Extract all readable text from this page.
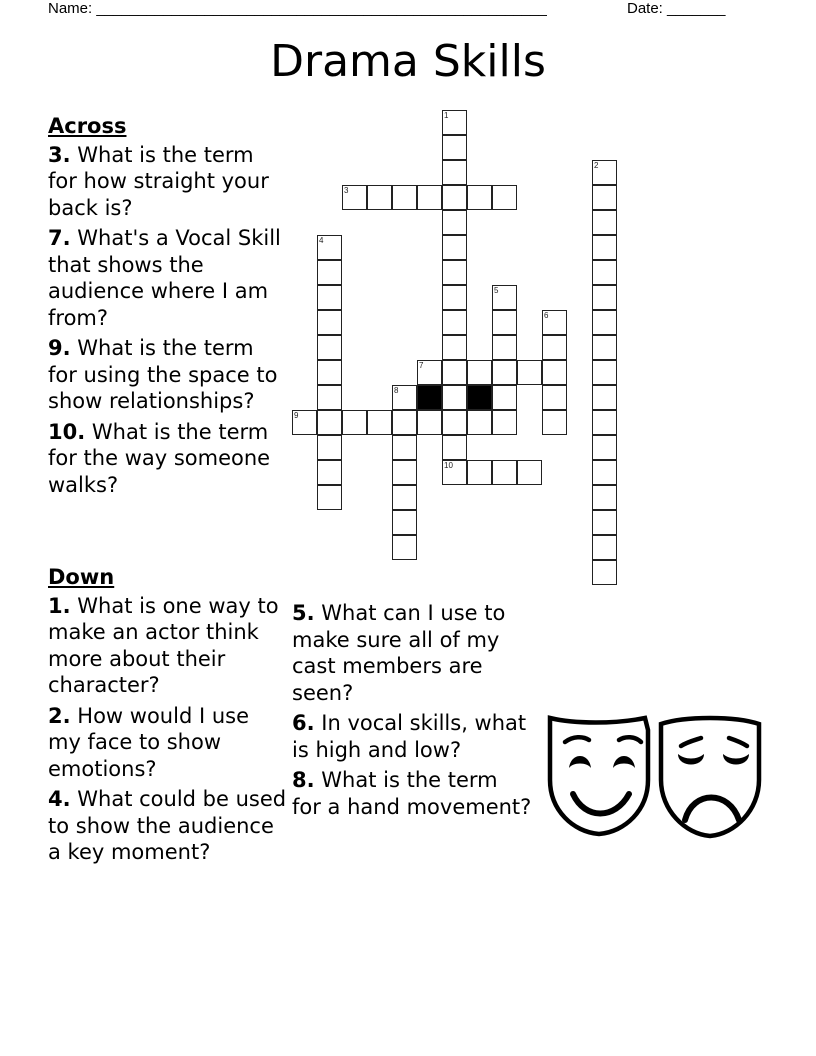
Name: ______________________________________________________	Date: _______
Drama Skills
Across
3. What is the term for how straight your back is?
7. What's a Vocal Skill that shows the audience where I am from?
9. What is the term for using the space to show relationships?
10. What is the term for the way someone walks?
Down
1. What is one way to make an actor think more about their character?
2. How would I use my face to show emotions?
4. What could be used to show the audience a key moment?
5. What can I use to make sure all of my cast members are seen?
6. In vocal skills, what is high and low?
8. What is the term for a hand movement?
1
10
2
3
4
5
6
7
8
9
